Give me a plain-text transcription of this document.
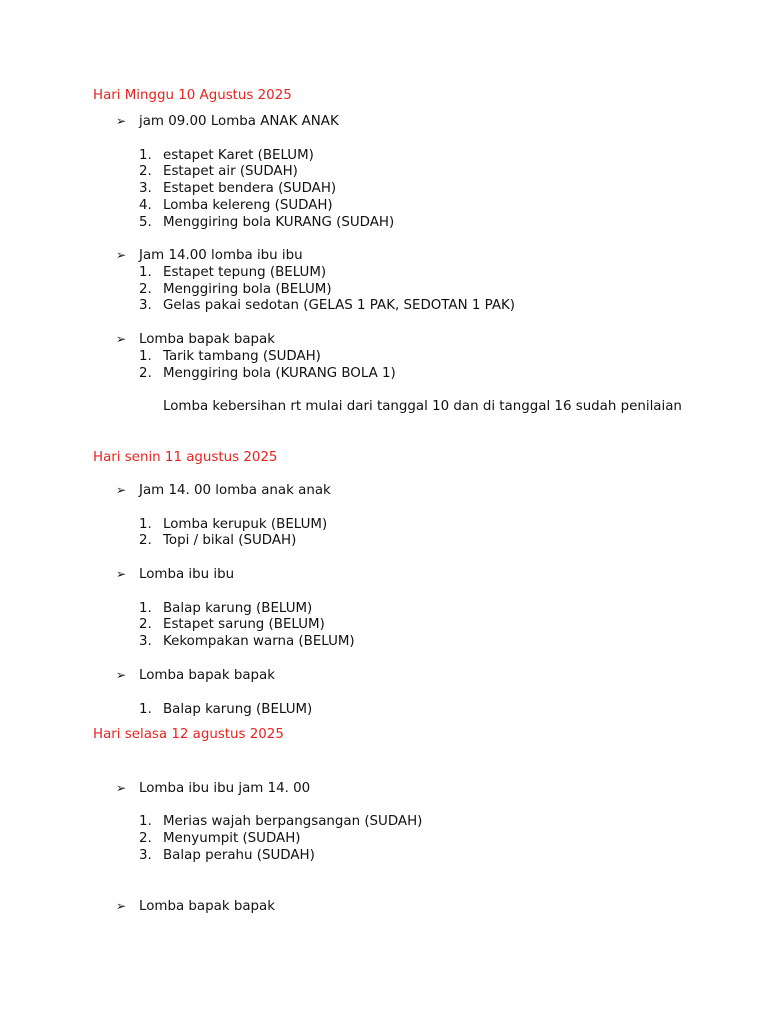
Hari Minggu 10 Agustus 2025
➢ jam 09.00 Lomba ANAK ANAK
1. estapet Karet (BELUM)
2. Estapet air (SUDAH)
3. Estapet bendera (SUDAH)
4. Lomba kelereng (SUDAH)
5. Menggiring bola KURANG (SUDAH)
➢ Jam 14.00 lomba ibu ibu
1. Estapet tepung (BELUM)
2. Menggiring bola (BELUM)
3. Gelas pakai sedotan (GELAS 1 PAK, SEDOTAN 1 PAK)
➢ Lomba bapak bapak
1. Tarik tambang (SUDAH)
2. Menggiring bola (KURANG BOLA 1)
Lomba kebersihan rt mulai dari tanggal 10 dan di tanggal 16 sudah penilaian
Hari senin 11 agustus 2025
➢ Jam 14. 00 lomba anak anak
1. Lomba kerupuk (BELUM)
2. Topi / bikal (SUDAH)
➢ Lomba ibu ibu
1. Balap karung (BELUM)
2. Estapet sarung (BELUM)
3. Kekompakan warna (BELUM)
➢ Lomba bapak bapak
1. Balap karung (BELUM)
Hari selasa 12 agustus 2025
➢ Lomba ibu ibu jam 14. 00
1. Merias wajah berpangsangan (SUDAH)
2. Menyumpit (SUDAH)
3. Balap perahu (SUDAH)
➢ Lomba bapak bapak
